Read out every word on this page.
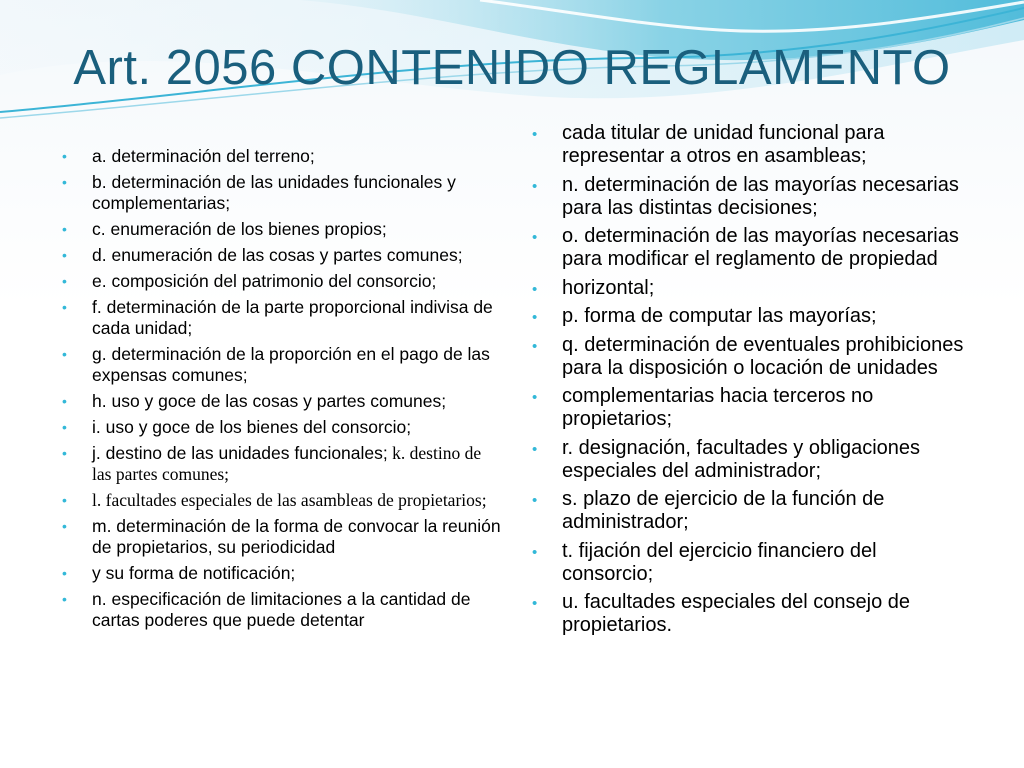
Art. 2056 CONTENIDO REGLAMENTO
• a. determinación del terreno;
• b. determinación de las unidades funcionales y complementarias;
• c. enumeración de los bienes propios;
• d. enumeración de las cosas y partes comunes;
• e. composición del patrimonio del consorcio;
• f. determinación de la parte proporcional indivisa de cada unidad;
• g. determinación de la proporción en el pago de las expensas comunes;
• h. uso y goce de las cosas y partes comunes;
• i. uso y goce de los bienes del consorcio;
• j. destino de las unidades funcionales; k. destino de las partes comunes;
• l. facultades especiales de las asambleas de propietarios;
• m. determinación de la forma de convocar la reunión de propietarios, su periodicidad
• y su forma de notificación;
• n. especificación de limitaciones a la cantidad de cartas poderes que puede detentar
• cada titular de unidad funcional para representar a otros en asambleas;
• n. determinación de las mayorías necesarias para las distintas decisiones;
• o. determinación de las mayorías necesarias para modificar el reglamento de propiedad
• horizontal;
• p. forma de computar las mayorías;
• q. determinación de eventuales prohibiciones para la disposición o locación de unidades
• complementarias hacia terceros no propietarios;
• r. designación, facultades y obligaciones especiales del administrador;
• s. plazo de ejercicio de la función de administrador;
• t. fijación del ejercicio financiero del consorcio;
• u. facultades especiales del consejo de propietarios.
